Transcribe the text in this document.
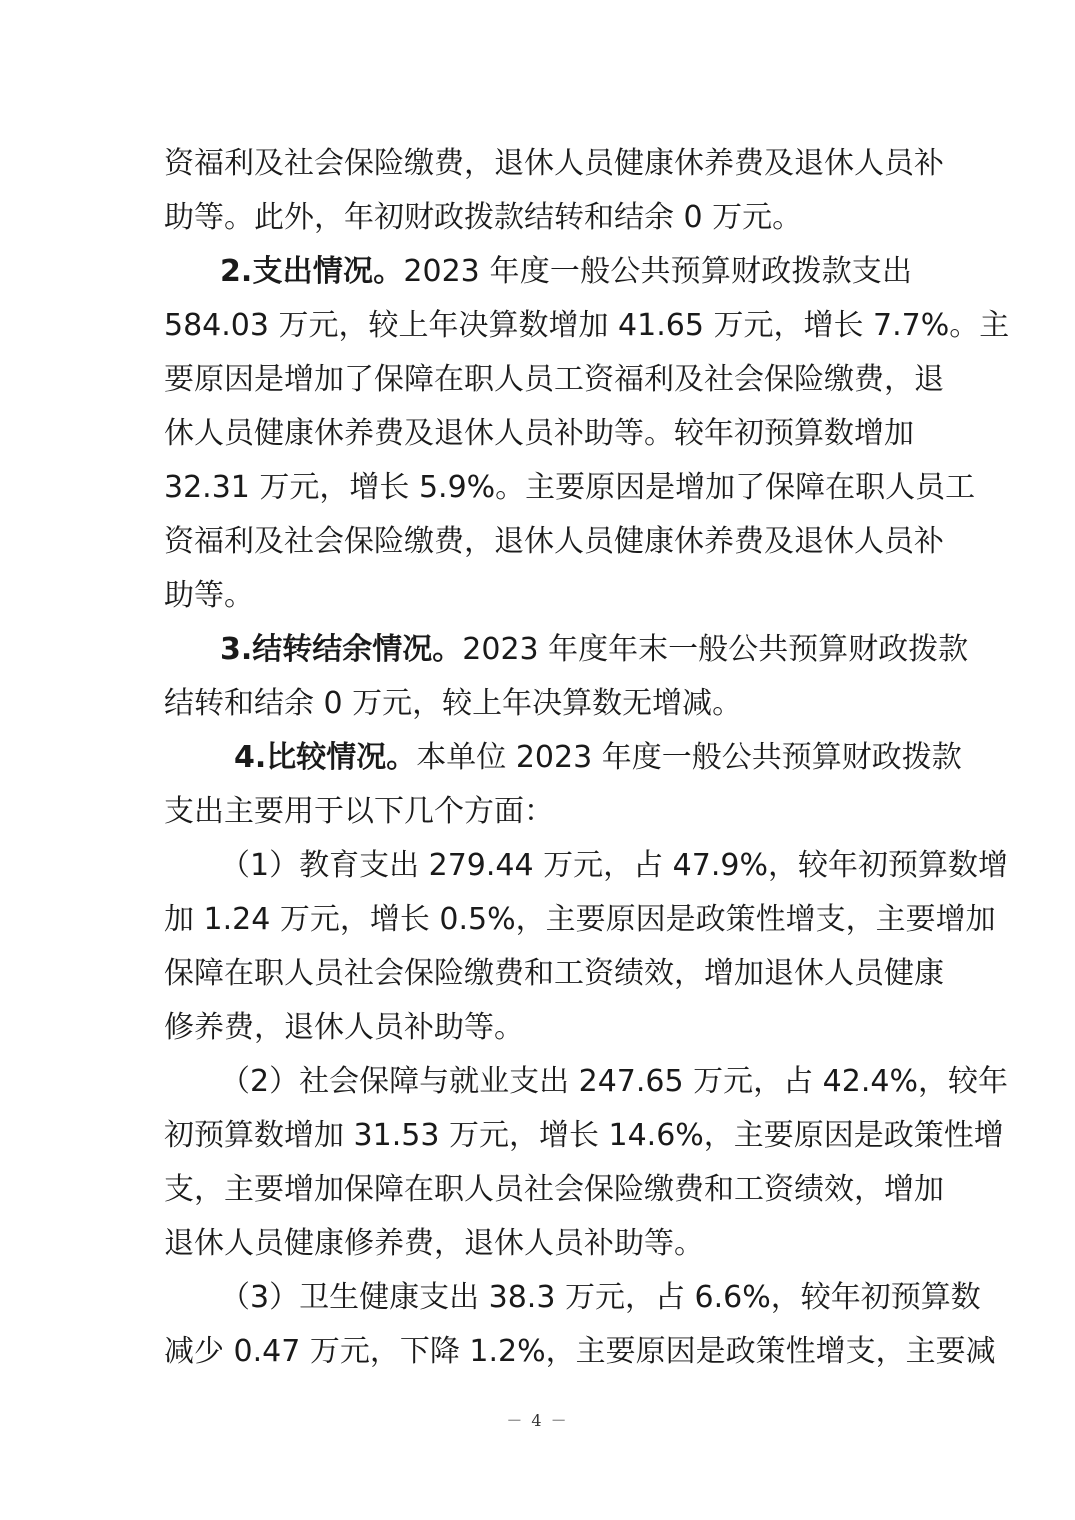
资福利及社会保险缴费，退休人员健康休养费及退休人员补
助等。此外，年初财政拨款结转和结余 0 万元。
2.支出情况。2023 年度一般公共预算财政拨款支出
584.03 万元，较上年决算数增加 41.65 万元，增长 7.7%。主
要原因是增加了保障在职人员工资福利及社会保险缴费，退
休人员健康休养费及退休人员补助等。较年初预算数增加
32.31 万元，增长 5.9%。主要原因是增加了保障在职人员工
资福利及社会保险缴费，退休人员健康休养费及退休人员补
助等。
3.结转结余情况。2023 年度年末一般公共预算财政拨款
结转和结余 0 万元，较上年决算数无增减。
4.比较情况。本单位 2023 年度一般公共预算财政拨款
支出主要用于以下几个方面：
（1）教育支出 279.44 万元，占 47.9%，较年初预算数增
加 1.24 万元，增长 0.5%，主要原因是政策性增支，主要增加
保障在职人员社会保险缴费和工资绩效，增加退休人员健康
修养费，退休人员补助等。
（2）社会保障与就业支出 247.65 万元，占 42.4%，较年
初预算数增加 31.53 万元，增长 14.6%，主要原因是政策性增
支，主要增加保障在职人员社会保险缴费和工资绩效，增加
退休人员健康修养费，退休人员补助等。
（3）卫生健康支出 38.3 万元，占 6.6%，较年初预算数
减少 0.47 万元，下降 1.2%，主要原因是政策性增支，主要减
－ 4 －
